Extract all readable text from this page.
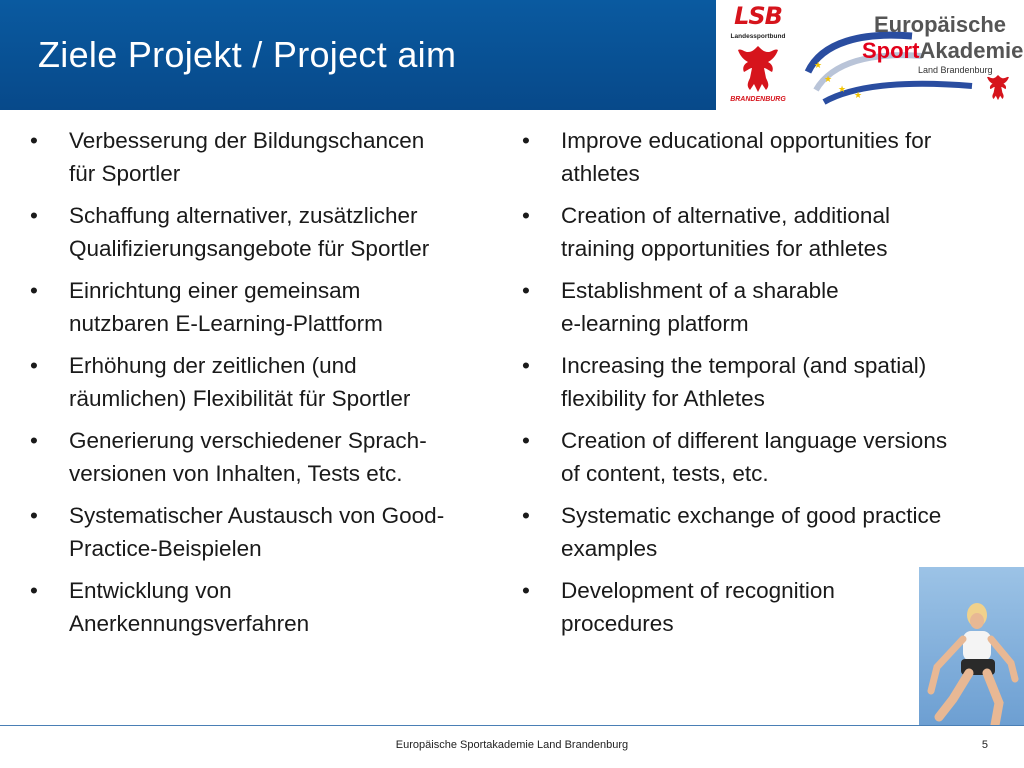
Ziele Projekt / Project aim
LSB
Landessportbund
BRANDENBURG
★
★
★
★
Europäische
SportAkademie
Land Brandenburg
•	Verbesserung der Bildungschancen
für Sportler
•	Schaffung alternativer, zusätzlicher
Qualifizierungsangebote für Sportler
•	Einrichtung einer gemeinsam
nutzbaren E-Learning-Plattform
•	Erhöhung der zeitlichen (und
räumlichen) Flexibilität für Sportler
•	Generierung verschiedener Sprach-
versionen von Inhalten, Tests etc.
•	Systematischer Austausch von Good-
Practice-Beispielen
•	Entwicklung von
Anerkennungsverfahren
•	Improve educational opportunities for
athletes
•	Creation of alternative, additional
training opportunities for athletes
•	Establishment of a sharable
e-learning platform
•	Increasing the temporal (and spatial)
flexibility for Athletes
•	Creation of different language versions
of content, tests, etc.
•	Systematic exchange of good practice
examples
•	Development of recognition
procedures
Europäische Sportakademie Land Brandenburg	5
